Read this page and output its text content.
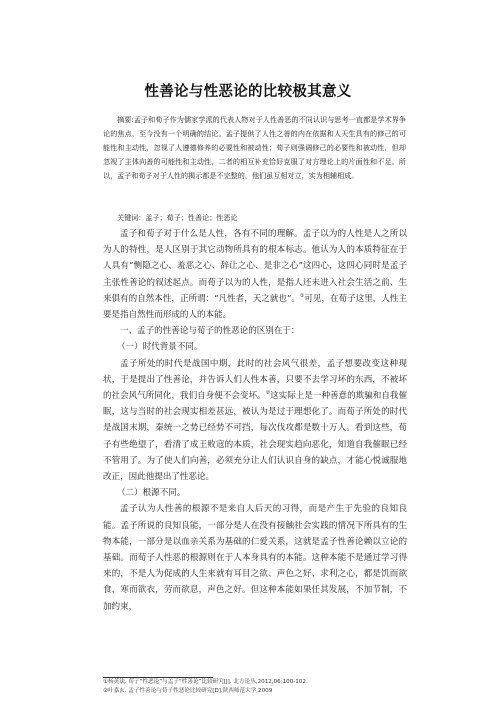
性善论与性恶论的比较极其意义
摘要:孟子和荀子作为儒家学派的代表人物对于人性善恶的不同认识与思考一直都是学术界争论的焦点，至今没有一个明确的结论。孟子提供了人性之善的内在依据和人天生具有的修己的可能性和主动性，忽视了人遵德修养的必要性和被动性；荀子则强调修己的必要性和被动性，但却忽视了主体向善的可能性和主动性，二者的相互补充恰好克服了对方理论上的片面性和不足。所以，孟子和荀子对于人性的揭示都是不完整的，他们虽互相对立，实为相辅相成。
关键词：孟子；荀子；性善论；性恶论

孟子和荀子对于什么是人性，各有不同的理解。孟子以为的人性是人之所以为人的特性，是人区别于其它动物所具有的根本标志。他认为人的本质特征在于人具有“恻隐之心、羞恶之心、辞让之心、是非之心”这四心，这四心同时是孟子主张性善论的叙述起点。而荀子以为的人性，是指人还未进入社会生活之前、生来俱有的自然本性，正所谓：“凡性者，天之就也”。①可见，在荀子这里，人性主要是指自然性而形成的人的本能。

一、孟子的性善论与荀子的性恶论的区别在于：

（一）时代背景不同。

孟子所处的时代是战国中期，此时的社会风气很差，孟子想要改变这种现状，于是提出了性善论，并告诉人们人性本善，只要不去学习坏的东西，不被坏的社会风气所同化，我们自身便不会变坏。②这实际上是一种善意的欺骗和自我催眠，这与当时的社会现实相差甚远，被认为是过于理想化了。而荀子所处的时代是战国末期，秦统一之势已经势不可挡，每次伐攻都是数十万人。看到这些，荀子有些绝望了，看清了成王败寇的本质，社会现实趋向恶化，知道自我催眠已经不管用了。为了使人们向善，必须充分让人们认识自身的缺点，才能心悦诚服地改正，因此他提出了性恶论。

（二）根源不同。

孟子认为人性善的根源不是来自人后天的习得，而是产生于先验的良知良能。孟子所说的良知良能，一部分是人在没有接触社会实践的情况下所具有的生物本能，一部分是以血亲关系为基础的仁爱关系，这就是孟子性善论赖以立论的基础。而荀子人性恶的根源则在于人本身具有的本能。这种本能不是通过学习得来的，不是人为促成的人生来就有耳目之欲、声色之好、求利之心，都是饥而欲食，寒而欲衣，劳而欲息，声色之好。但这种本能如果任其发展，不加节制，不加约束，

①杨英法. 荀子“性恶论”与孟子“性善论”比较研究[J]. 北方论丛,2012,06:100-102.
②叶嘉玄. 孟子性善论与荀子性恶论比较研究[D].陕西师范大学,2009
